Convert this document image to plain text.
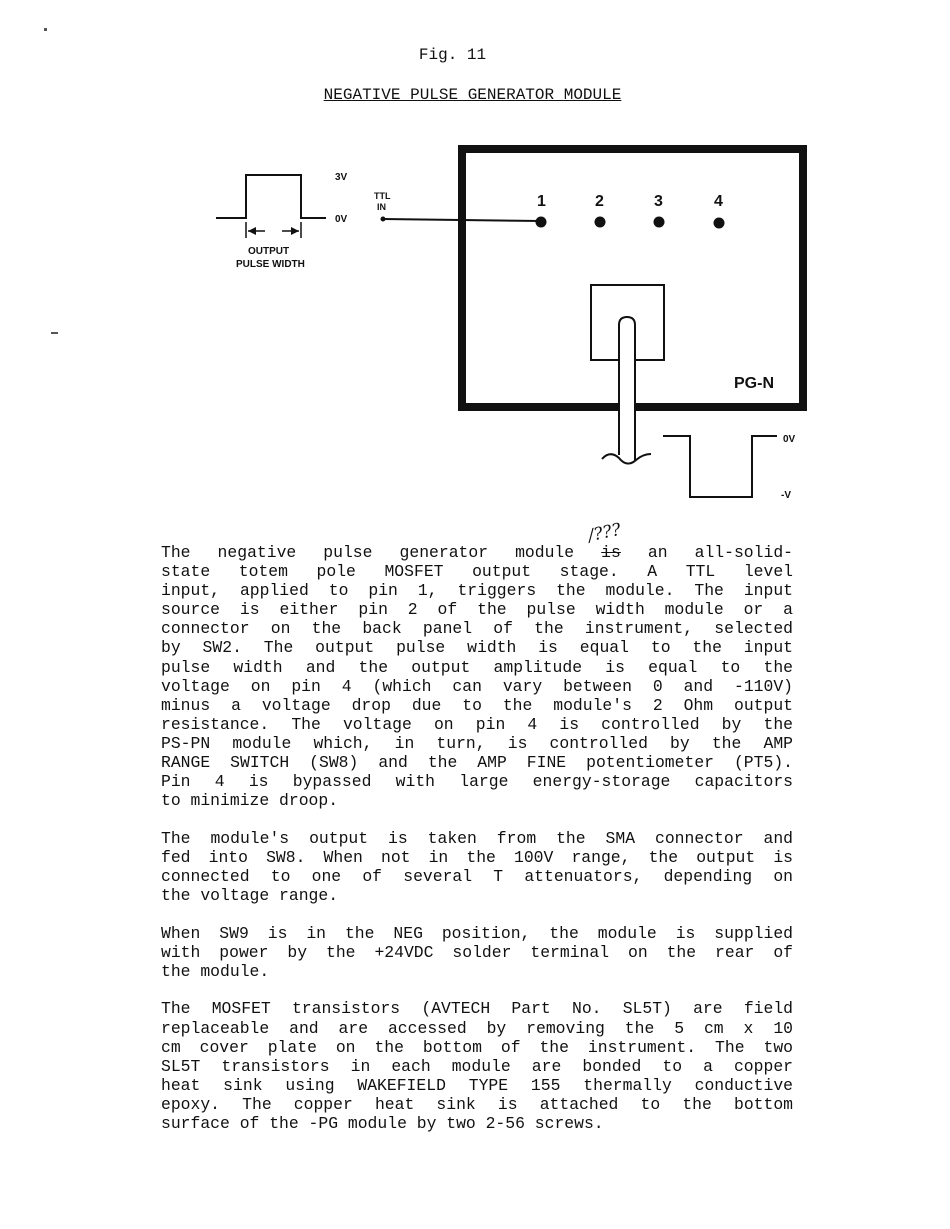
Fig. 11
NEGATIVE PULSE GENERATOR MODULE
3V
0V
OUTPUT
PULSE WIDTH
TTL
IN	1	2	3	4
PG-N
0V
-V
/???
The negative pulse generator module is an all-solid-
state totem pole MOSFET output stage. A TTL level
input, applied to pin 1, triggers the module. The input
source is either pin 2 of the pulse width module or a
connector on the back panel of the instrument, selected
by SW2. The output pulse width is equal to the input
pulse width and the output amplitude is equal to the
voltage on pin 4 (which can vary between 0 and -110V)
minus a voltage drop due to the module's 2 Ohm output
resistance. The voltage on pin 4 is controlled by the
PS-PN module which, in turn, is controlled by the AMP
RANGE SWITCH (SW8) and the AMP FINE potentiometer (PT5).
Pin 4 is bypassed with large energy-storage capacitors
to minimize droop.
The module's output is taken from the SMA connector and
fed into SW8. When not in the 100V range, the output is
connected to one of several T attenuators, depending on
the voltage range.
When SW9 is in the NEG position, the module is supplied
with power by the +24VDC solder terminal on the rear of
the module.
The MOSFET transistors (AVTECH Part No. SL5T) are field
replaceable and are accessed by removing the 5 cm x 10
cm cover plate on the bottom of the instrument. The two
SL5T transistors in each module are bonded to a copper
heat sink using WAKEFIELD TYPE 155 thermally conductive
epoxy. The copper heat sink is attached to the bottom
surface of the -PG module by two 2-56 screws.
